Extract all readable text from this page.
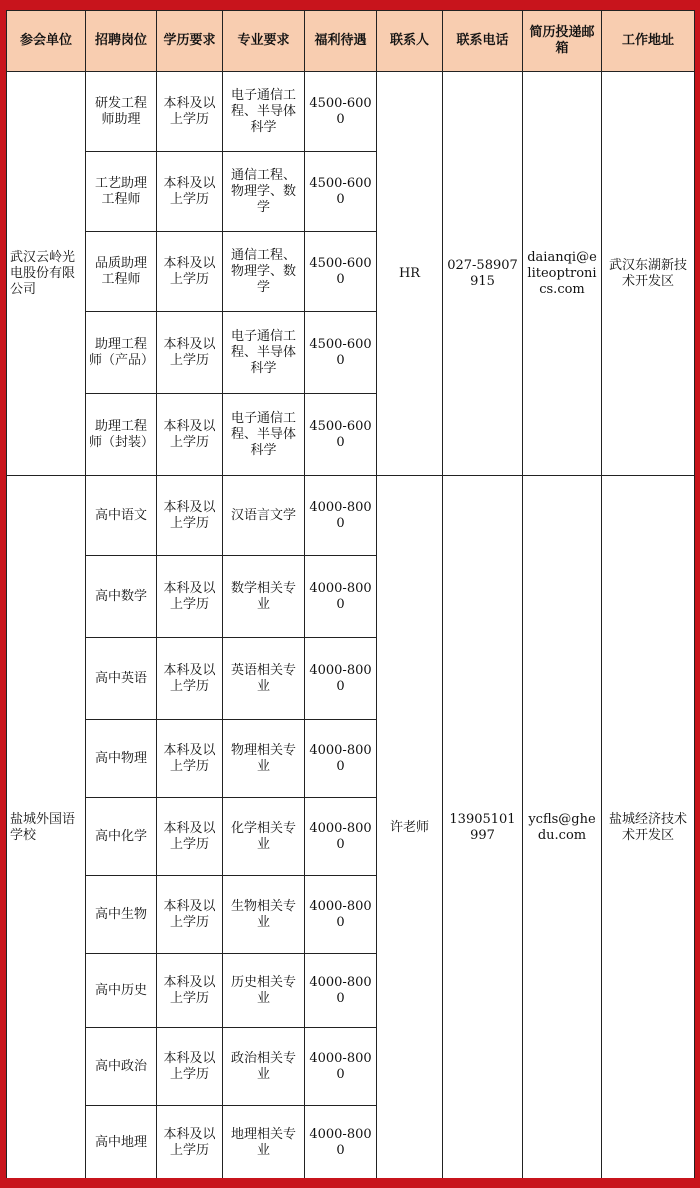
参会单位	招聘岗位	学历要求	专业要求	福利待遇	联系人	联系电话	简历投递邮箱	工作地址
武汉云岭光电股份有限公司	研发工程师助理	本科及以上学历	电子通信工程、半导体科学	4500-6000	HR	027-58907915	daianqi@eliteoptronics.com	武汉东湖新技术开发区
	工艺助理工程师	本科及以上学历	通信工程、物理学、数学	4500-6000				
	品质助理工程师	本科及以上学历	通信工程、物理学、数学	4500-6000				
	助理工程师（产品）	本科及以上学历	电子通信工程、半导体科学	4500-6000				
	助理工程师（封装）	本科及以上学历	电子通信工程、半导体科学	4500-6000				
盐城外国语学校	高中语文	本科及以上学历	汉语言文学	4000-8000	许老师	13905101997	ycfls@ghedu.com	盐城经济技术术开发区
	高中数学	本科及以上学历	数学相关专业	4000-8000				
	高中英语	本科及以上学历	英语相关专业	4000-8000				
	高中物理	本科及以上学历	物理相关专业	4000-8000				
	高中化学	本科及以上学历	化学相关专业	4000-8000				
	高中生物	本科及以上学历	生物相关专业	4000-8000				
	高中历史	本科及以上学历	历史相关专业	4000-8000				
	高中政治	本科及以上学历	政治相关专业	4000-8000				
	高中地理	本科及以上学历	地理相关专业	4000-8000				
